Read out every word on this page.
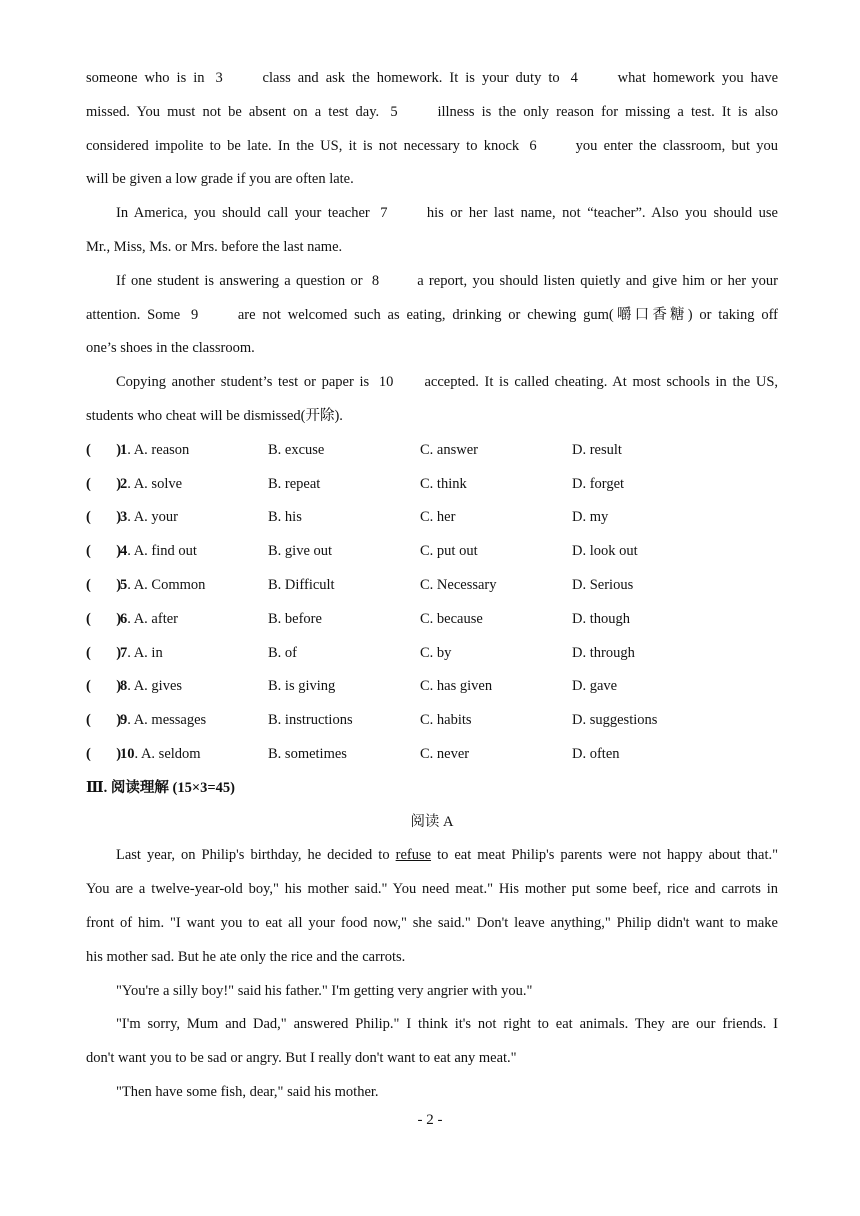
someone who is in 3	class and ask the homework. It is your duty to 4	what homework you have
missed. You must not be absent on a test day. 5	illness is the only reason for missing a test. It is also
considered impolite to be late. In the US, it is not necessary to knock 6	you enter the classroom, but you
will be given a low grade if you are often late.
In America, you should call your teacher 7	his or her last name, not “teacher”. Also you should use
Mr., Miss, Ms. or Mrs. before the last name.
If one student is answering a question or 8	a report, you should listen quietly and give him or her your
attention. Some 9	are not welcomed such as eating, drinking or chewing gum(嚼口香糖) or taking off
one’s shoes in the classroom.
Copying another student’s test or paper is 10 accepted. It is called cheating. At most schools in the US,
students who cheat will be dismissed(开除).
(       )
1. A. reason	B. excuse	C. answer	D. result
(       )
2. A. solve	B. repeat	C. think	D. forget
(       )
3. A. your	B. his	C. her	D. my
(       )
4. A. find out	B. give out	C. put out	D. look out
(       )
5. A. Common	B. Difficult	C. Necessary	D. Serious
(       )
6. A. after	B. before	C. because	D. though
(       )
7. A. in	B. of	C. by	D. through
(       )
8. A. gives	B. is giving	C. has given	D. gave
(       )
9. A. messages	B. instructions	C. habits	D. suggestions
(       )
10. A. seldom	B. sometimes	C. never	D. often
Ⅲ. 阅读理解 (15×3=45)
阅读 A
Last year, on Philip's birthday, he decided to refuse to eat meat Philip's parents were not happy about that."
You are a twelve-year-old boy," his mother said." You need meat." His mother put some beef, rice and carrots in
front of him. "I want you to eat all your food now," she said." Don't leave anything," Philip didn't want to make
his mother sad. But he ate only the rice and the carrots.
"You're a silly boy!" said his father." I'm getting very angrier with you."
"I'm sorry, Mum and Dad," answered Philip." I think it's not right to eat animals. They are our friends. I
don't want you to be sad or angry. But I really don't want to eat any meat."
"Then have some fish, dear," said his mother.
- 2 -
